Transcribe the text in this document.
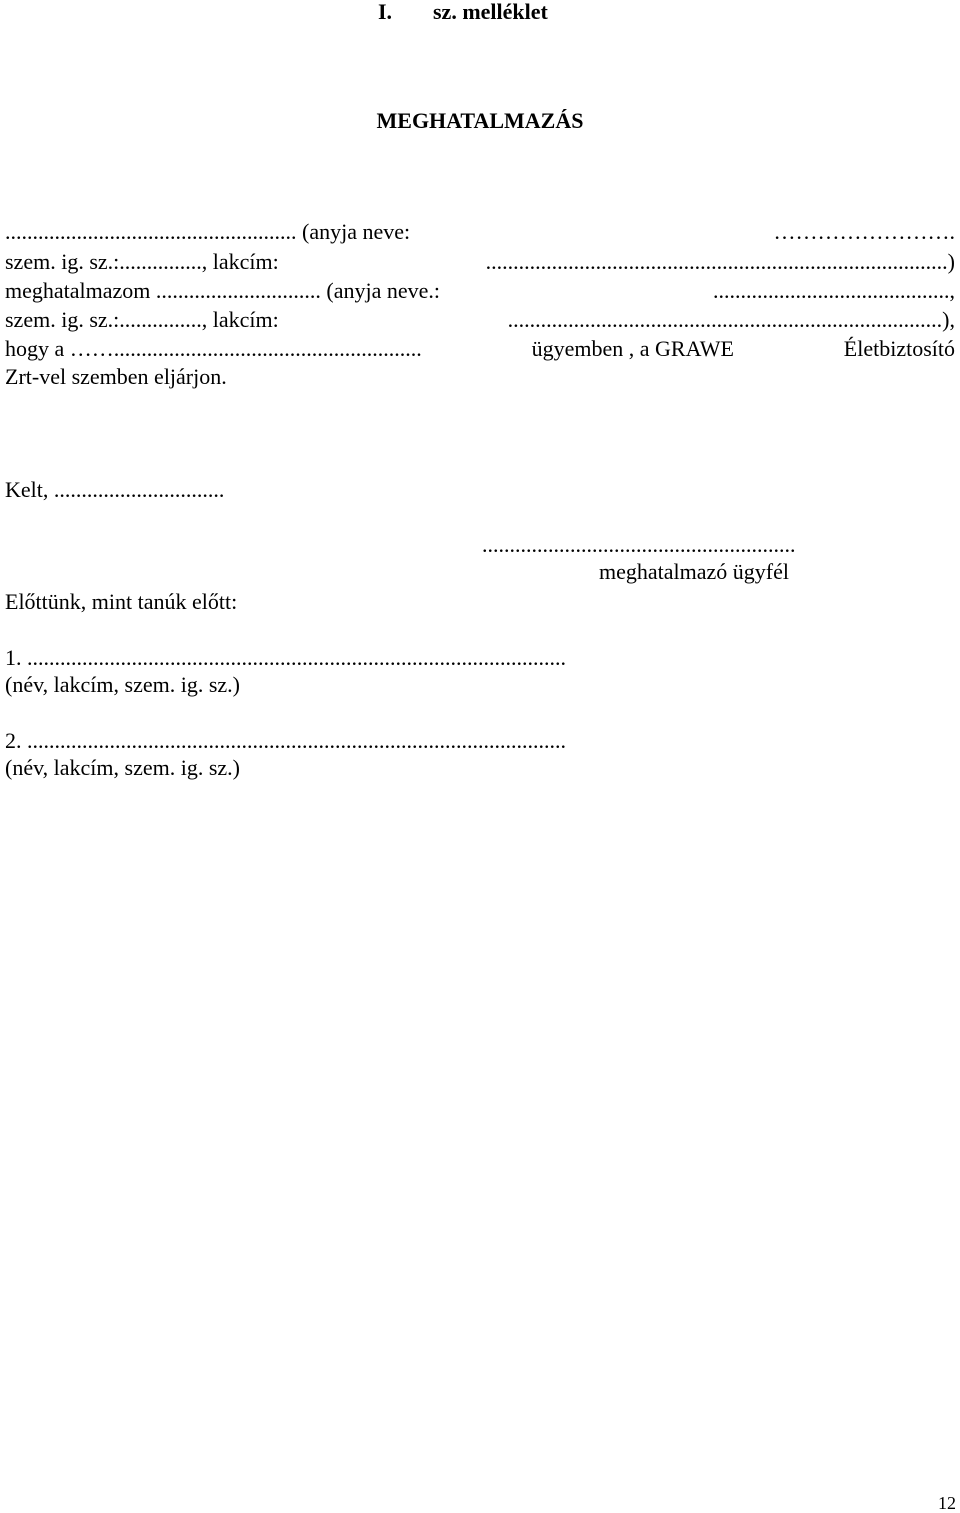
I. sz. melléklet

MEGHATALMAZÁS

..................................................... (anyja neve:	…………………….
szem. ig. sz.:..............., lakcím:	....................................................................................)
meghatalmazom .............................. (anyja neve.:	...........................................,
szem. ig. sz.:..............., lakcím:	...............................................................................),
hogy a ……........................................................	ügyemben , a GRAWE	Életbiztosító

Zrt-vel szemben eljárjon.

Kelt, ...............................

.........................................................

meghatalmazó ügyfél

Előttünk, mint tanúk előtt:

1. ..................................................................................................

(név, lakcím, szem. ig. sz.)

2. ..................................................................................................

(név, lakcím, szem. ig. sz.)

12
